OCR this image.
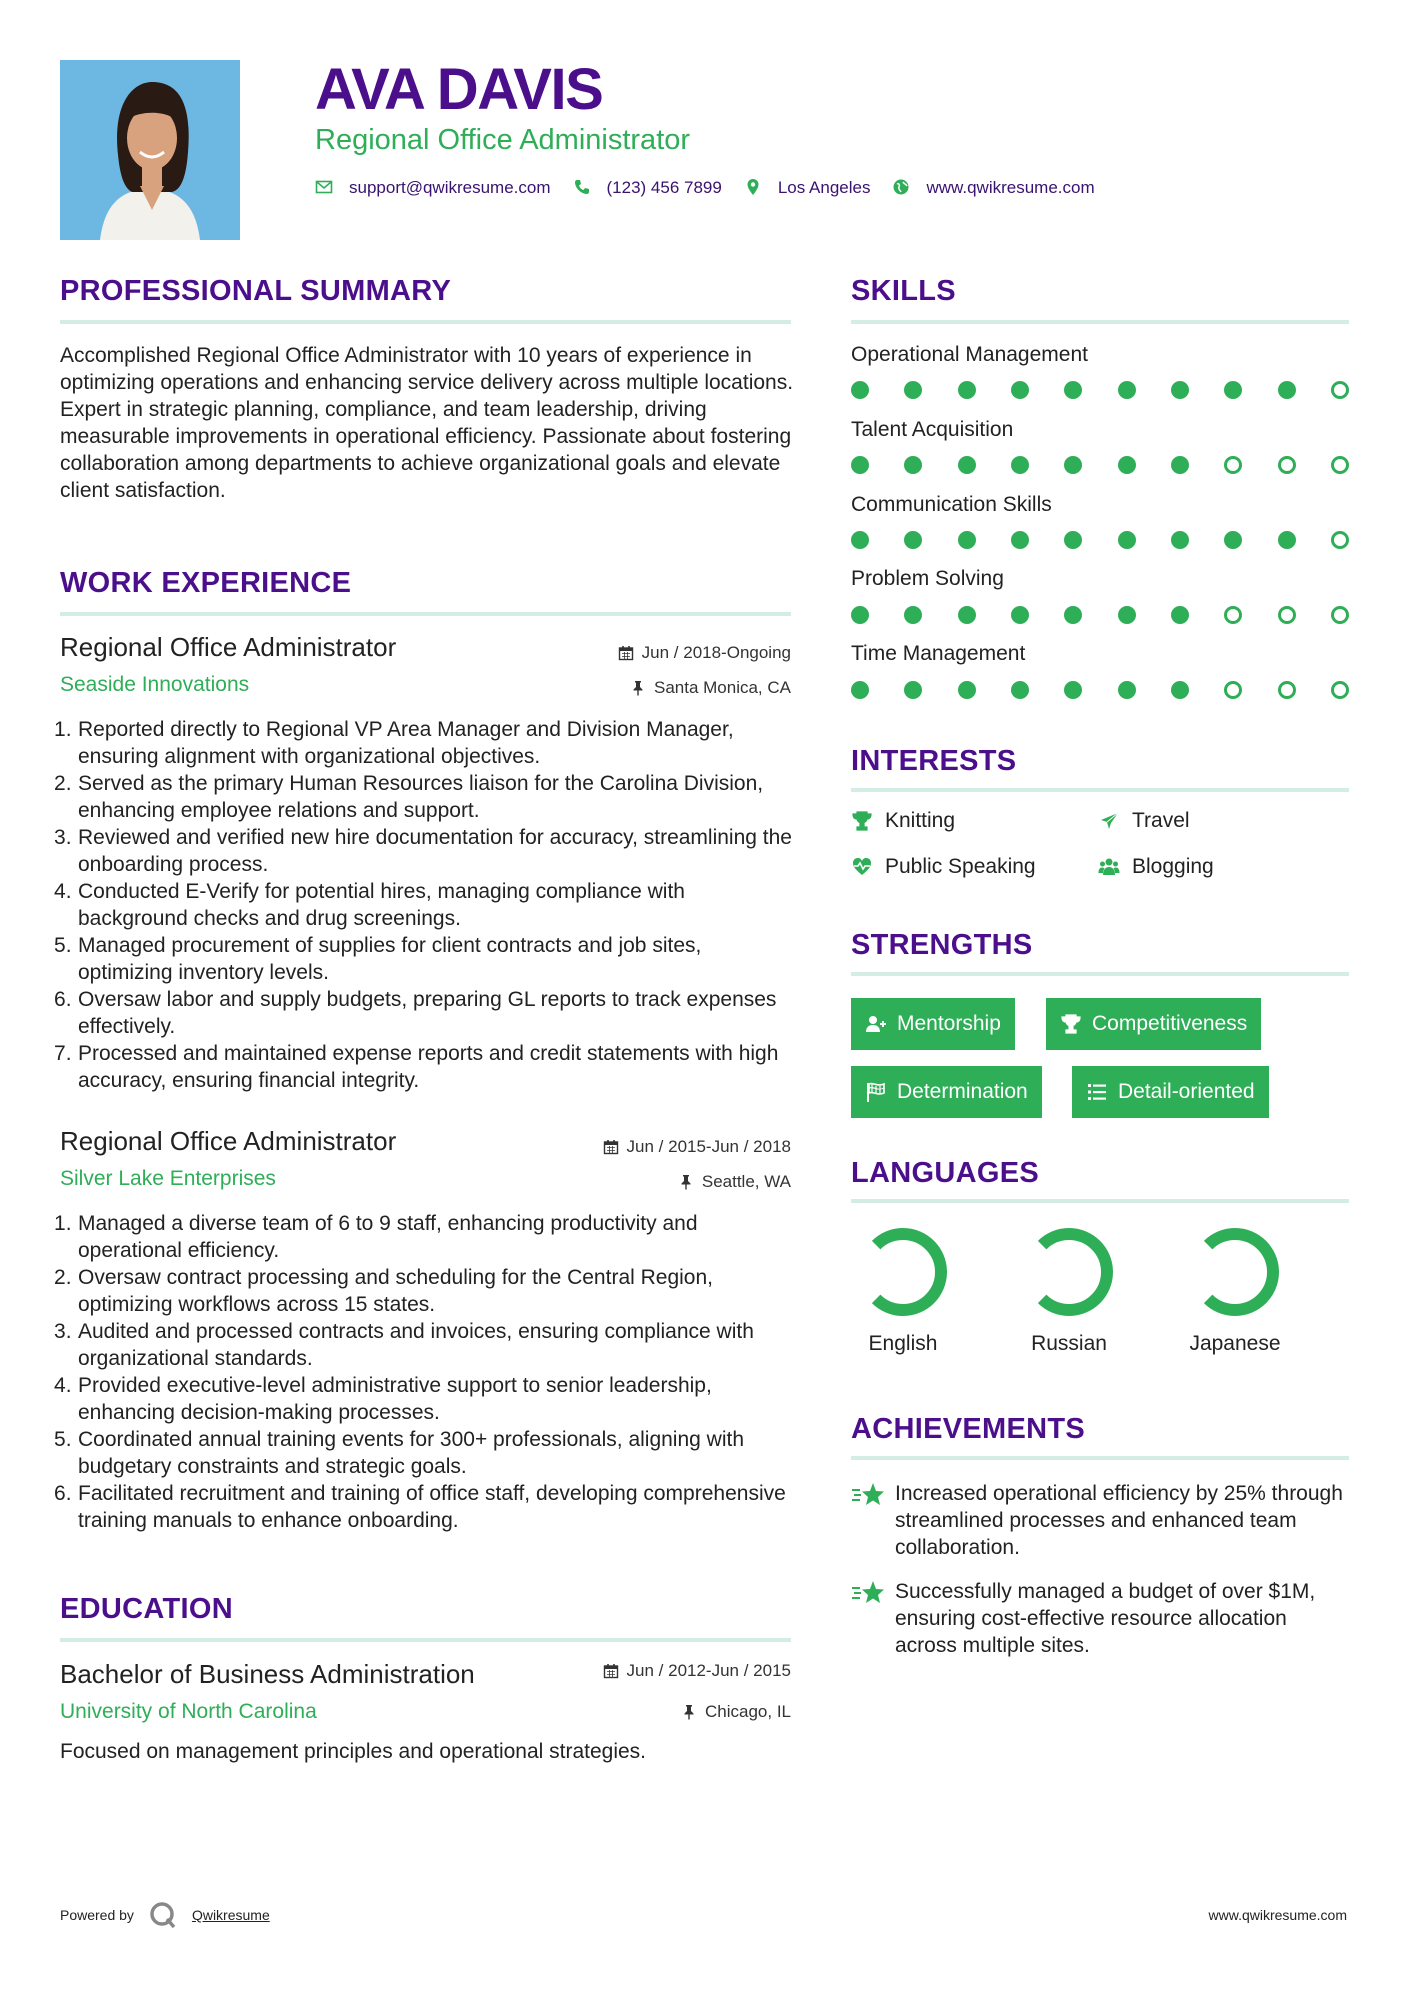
AVA DAVIS
Regional Office Administrator
support@qwikresume.com	(123) 456 7899	Los Angeles	www.qwikresume.com
PROFESSIONAL SUMMARY
Accomplished Regional Office Administrator with 10 years of experience in optimizing operations and enhancing service delivery across multiple locations. Expert in strategic planning, compliance, and team leadership, driving measurable improvements in operational efficiency. Passionate about fostering collaboration among departments to achieve organizational goals and elevate client satisfaction.
WORK EXPERIENCE
Regional Office Administrator	Jun / 2018-Ongoing
Seaside Innovations	Santa Monica, CA
Reported directly to Regional VP Area Manager and Division Manager, ensuring alignment with organizational objectives.
Served as the primary Human Resources liaison for the Carolina Division, enhancing employee relations and support.
Reviewed and verified new hire documentation for accuracy, streamlining the onboarding process.
Conducted E-Verify for potential hires, managing compliance with background checks and drug screenings.
Managed procurement of supplies for client contracts and job sites, optimizing inventory levels.
Oversaw labor and supply budgets, preparing GL reports to track expenses effectively.
Processed and maintained expense reports and credit statements with high accuracy, ensuring financial integrity.
Regional Office Administrator	Jun / 2015-Jun / 2018
Silver Lake Enterprises	Seattle, WA
Managed a diverse team of 6 to 9 staff, enhancing productivity and operational efficiency.
Oversaw contract processing and scheduling for the Central Region, optimizing workflows across 15 states.
Audited and processed contracts and invoices, ensuring compliance with organizational standards.
Provided executive-level administrative support to senior leadership, enhancing decision-making processes.
Coordinated annual training events for 300+ professionals, aligning with budgetary constraints and strategic goals.
Facilitated recruitment and training of office staff, developing comprehensive training manuals to enhance onboarding.
EDUCATION
Bachelor of Business Administration	Jun / 2012-Jun / 2015
University of North Carolina	Chicago, IL
Focused on management principles and operational strategies.
SKILLS
Operational Management
Talent Acquisition
Communication Skills
Problem Solving
Time Management
INTERESTS
Knitting	Travel
Public Speaking	Blogging
STRENGTHS
Mentorship	Competitiveness
Determination	Detail-oriented
LANGUAGES
English	Russian	Japanese
ACHIEVEMENTS
Increased operational efficiency by 25% through streamlined processes and enhanced team collaboration.
Successfully managed a budget of over $1M, ensuring cost-effective resource allocation across multiple sites.
Powered by	Qwikresume	www.qwikresume.com
